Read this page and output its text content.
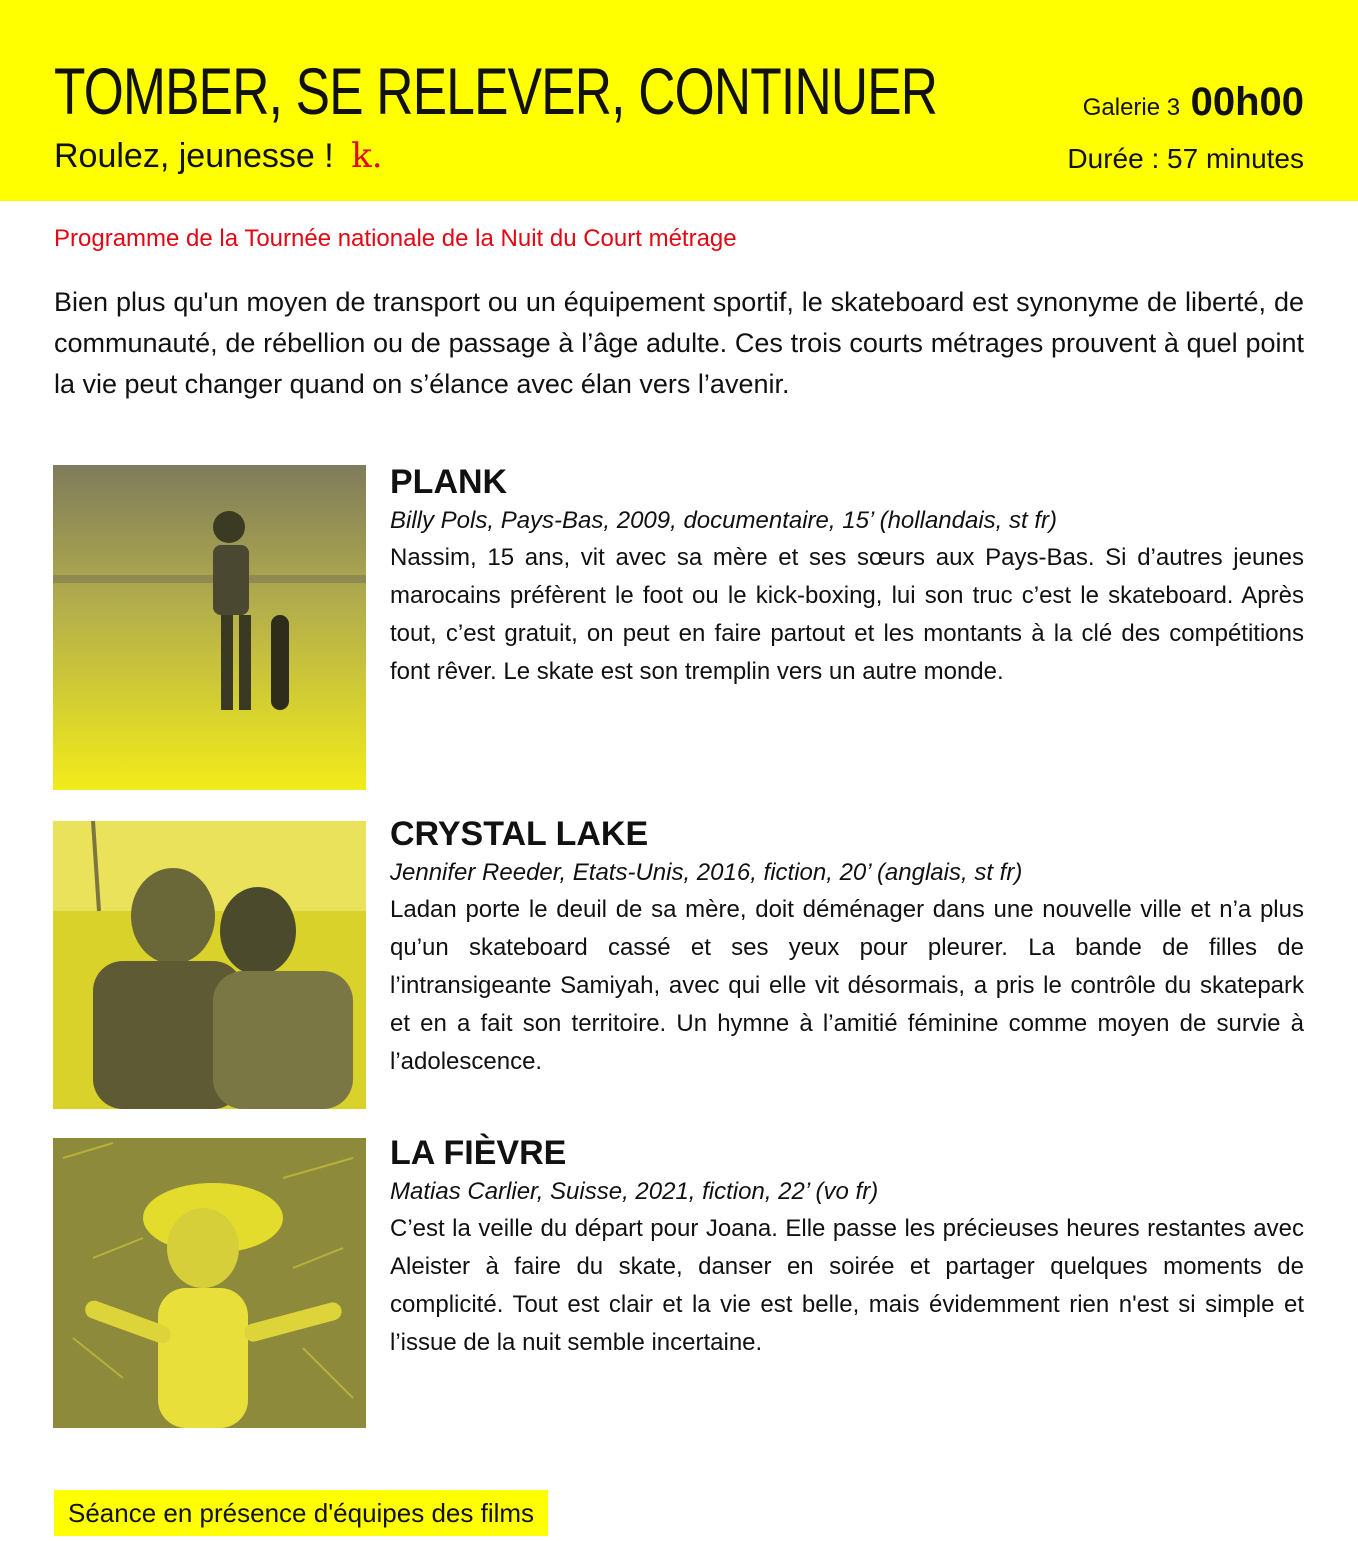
TOMBER, SE RELEVER, CONTINUER
Roulez, jeunesse ! k.
Galerie 3 00h00
Durée : 57 minutes
Programme de la Tournée nationale de la Nuit du Court métrage

Bien plus qu'un moyen de transport ou un équipement sportif, le skateboard est synonyme de liberté, de communauté, de rébellion ou de passage à l’âge adulte. Ces trois courts métrages prouvent à quel point la vie peut changer quand on s’élance avec élan vers l’avenir.

PLANK
Billy Pols, Pays-Bas, 2009, documentaire, 15’ (hollandais, st fr)

Nassim, 15 ans, vit avec sa mère et ses sœurs aux Pays-Bas. Si d’autres jeunes marocains préfèrent le foot ou le kick-boxing, lui son truc c’est le skateboard. Après tout, c’est gratuit, on peut en faire partout et les montants à la clé des compétitions font rêver. Le skate est son tremplin vers un autre monde.

CRYSTAL LAKE
Jennifer Reeder, Etats-Unis, 2016, fiction, 20’ (anglais, st fr)

Ladan porte le deuil de sa mère, doit déménager dans une nouvelle ville et n’a plus qu’un skateboard cassé et ses yeux pour pleurer. La bande de filles de l’intransigeante Samiyah, avec qui elle vit désormais, a pris le contrôle du skatepark et en a fait son territoire. Un hymne à l’amitié féminine comme moyen de survie à l’adolescence.

LA FIÈVRE
Matias Carlier, Suisse, 2021, fiction, 22’ (vo fr)

C’est la veille du départ pour Joana. Elle passe les précieuses heures restantes avec Aleister à faire du skate, danser en soirée et partager quelques moments de complicité. Tout est clair et la vie est belle, mais évidemment rien n'est si simple et l’issue de la nuit semble incertaine.

Séance en présence d'équipes des films
